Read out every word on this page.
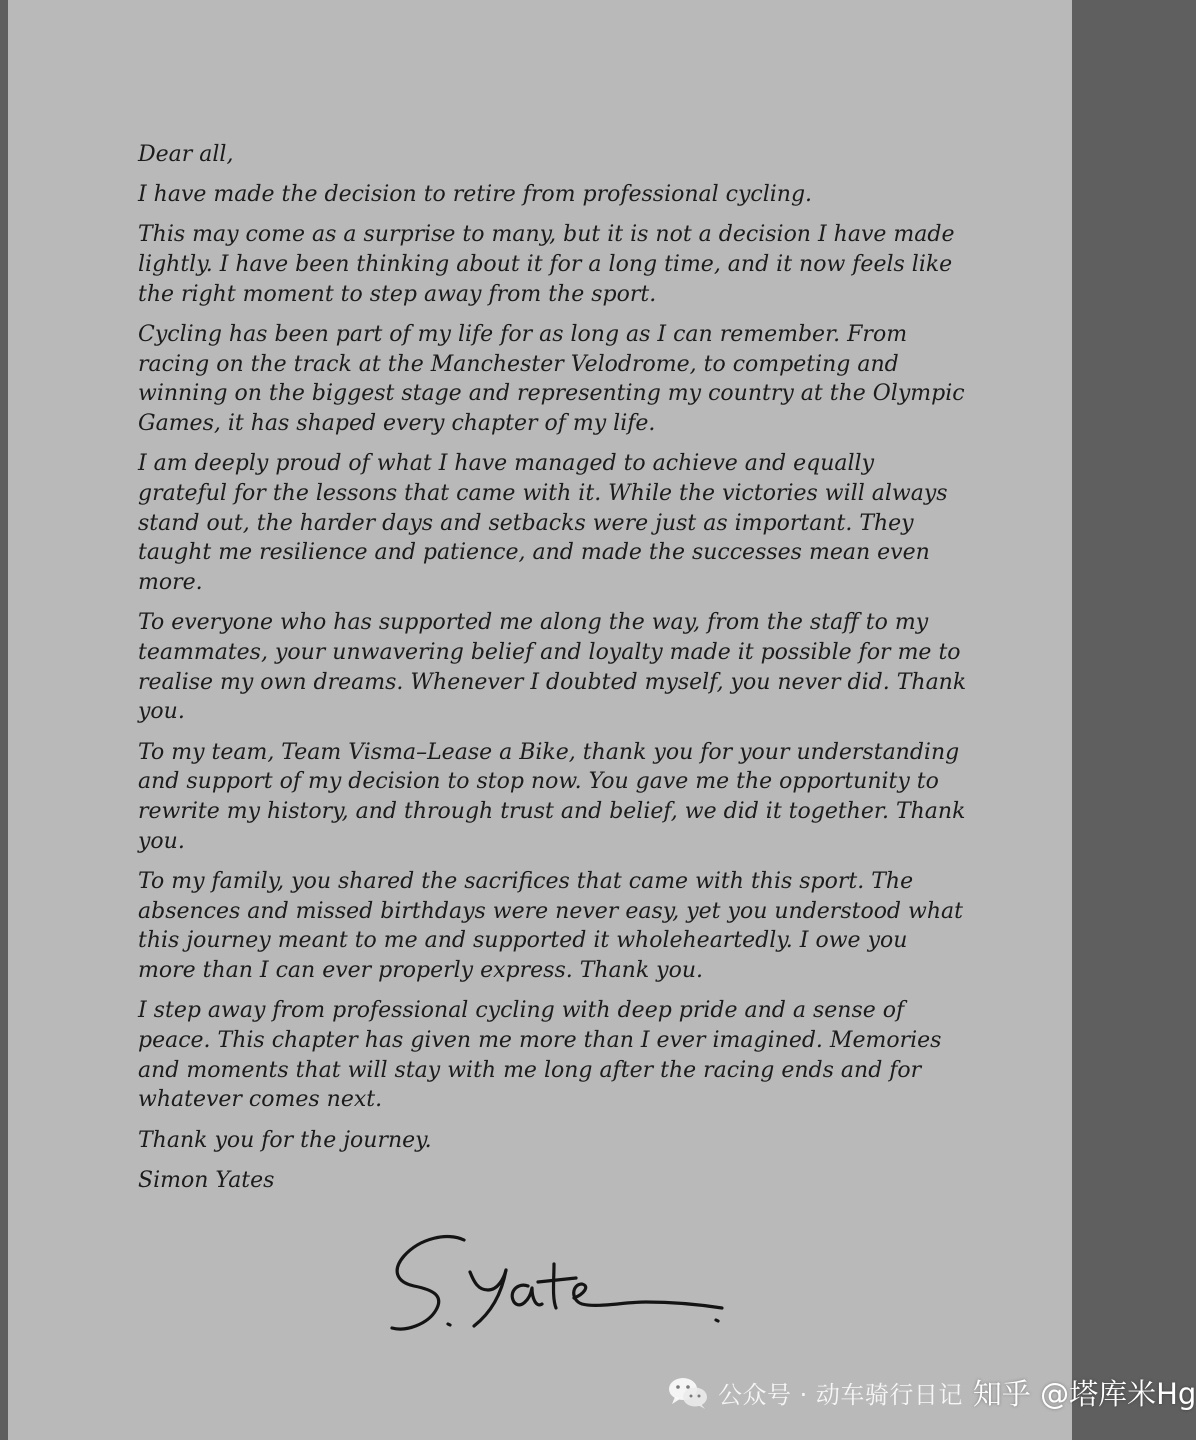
Dear all,

I have made the decision to retire from professional cycling.

This may come as a surprise to many, but it is not a decision I have made lightly. I have been thinking about it for a long time, and it now feels like the right moment to step away from the sport.

Cycling has been part of my life for as long as I can remember. From racing on the track at the Manchester Velodrome, to competing and winning on the biggest stage and representing my country at the Olympic Games, it has shaped every chapter of my life.

I am deeply proud of what I have managed to achieve and equally grateful for the lessons that came with it. While the victories will always stand out, the harder days and setbacks were just as important. They taught me resilience and patience, and made the successes mean even more.

To everyone who has supported me along the way, from the staff to my teammates, your unwavering belief and loyalty made it possible for me to realise my own dreams. Whenever I doubted myself, you never did. Thank you.

To my team, Team Visma–Lease a Bike, thank you for your understanding and support of my decision to stop now. You gave me the opportunity to rewrite my history, and through trust and belief, we did it together. Thank you.

To my family, you shared the sacrifices that came with this sport. The absences and missed birthdays were never easy, yet you understood what this journey meant to me and supported it wholeheartedly. I owe you more than I can ever properly express. Thank you.

I step away from professional cycling with deep pride and a sense of peace. This chapter has given me more than I ever imagined. Memories and moments that will stay with me long after the racing ends and for whatever comes next.

Thank you for the journey.

Simon Yates

公众号 · 动车骑行日记 知乎 @塔库米Hg
